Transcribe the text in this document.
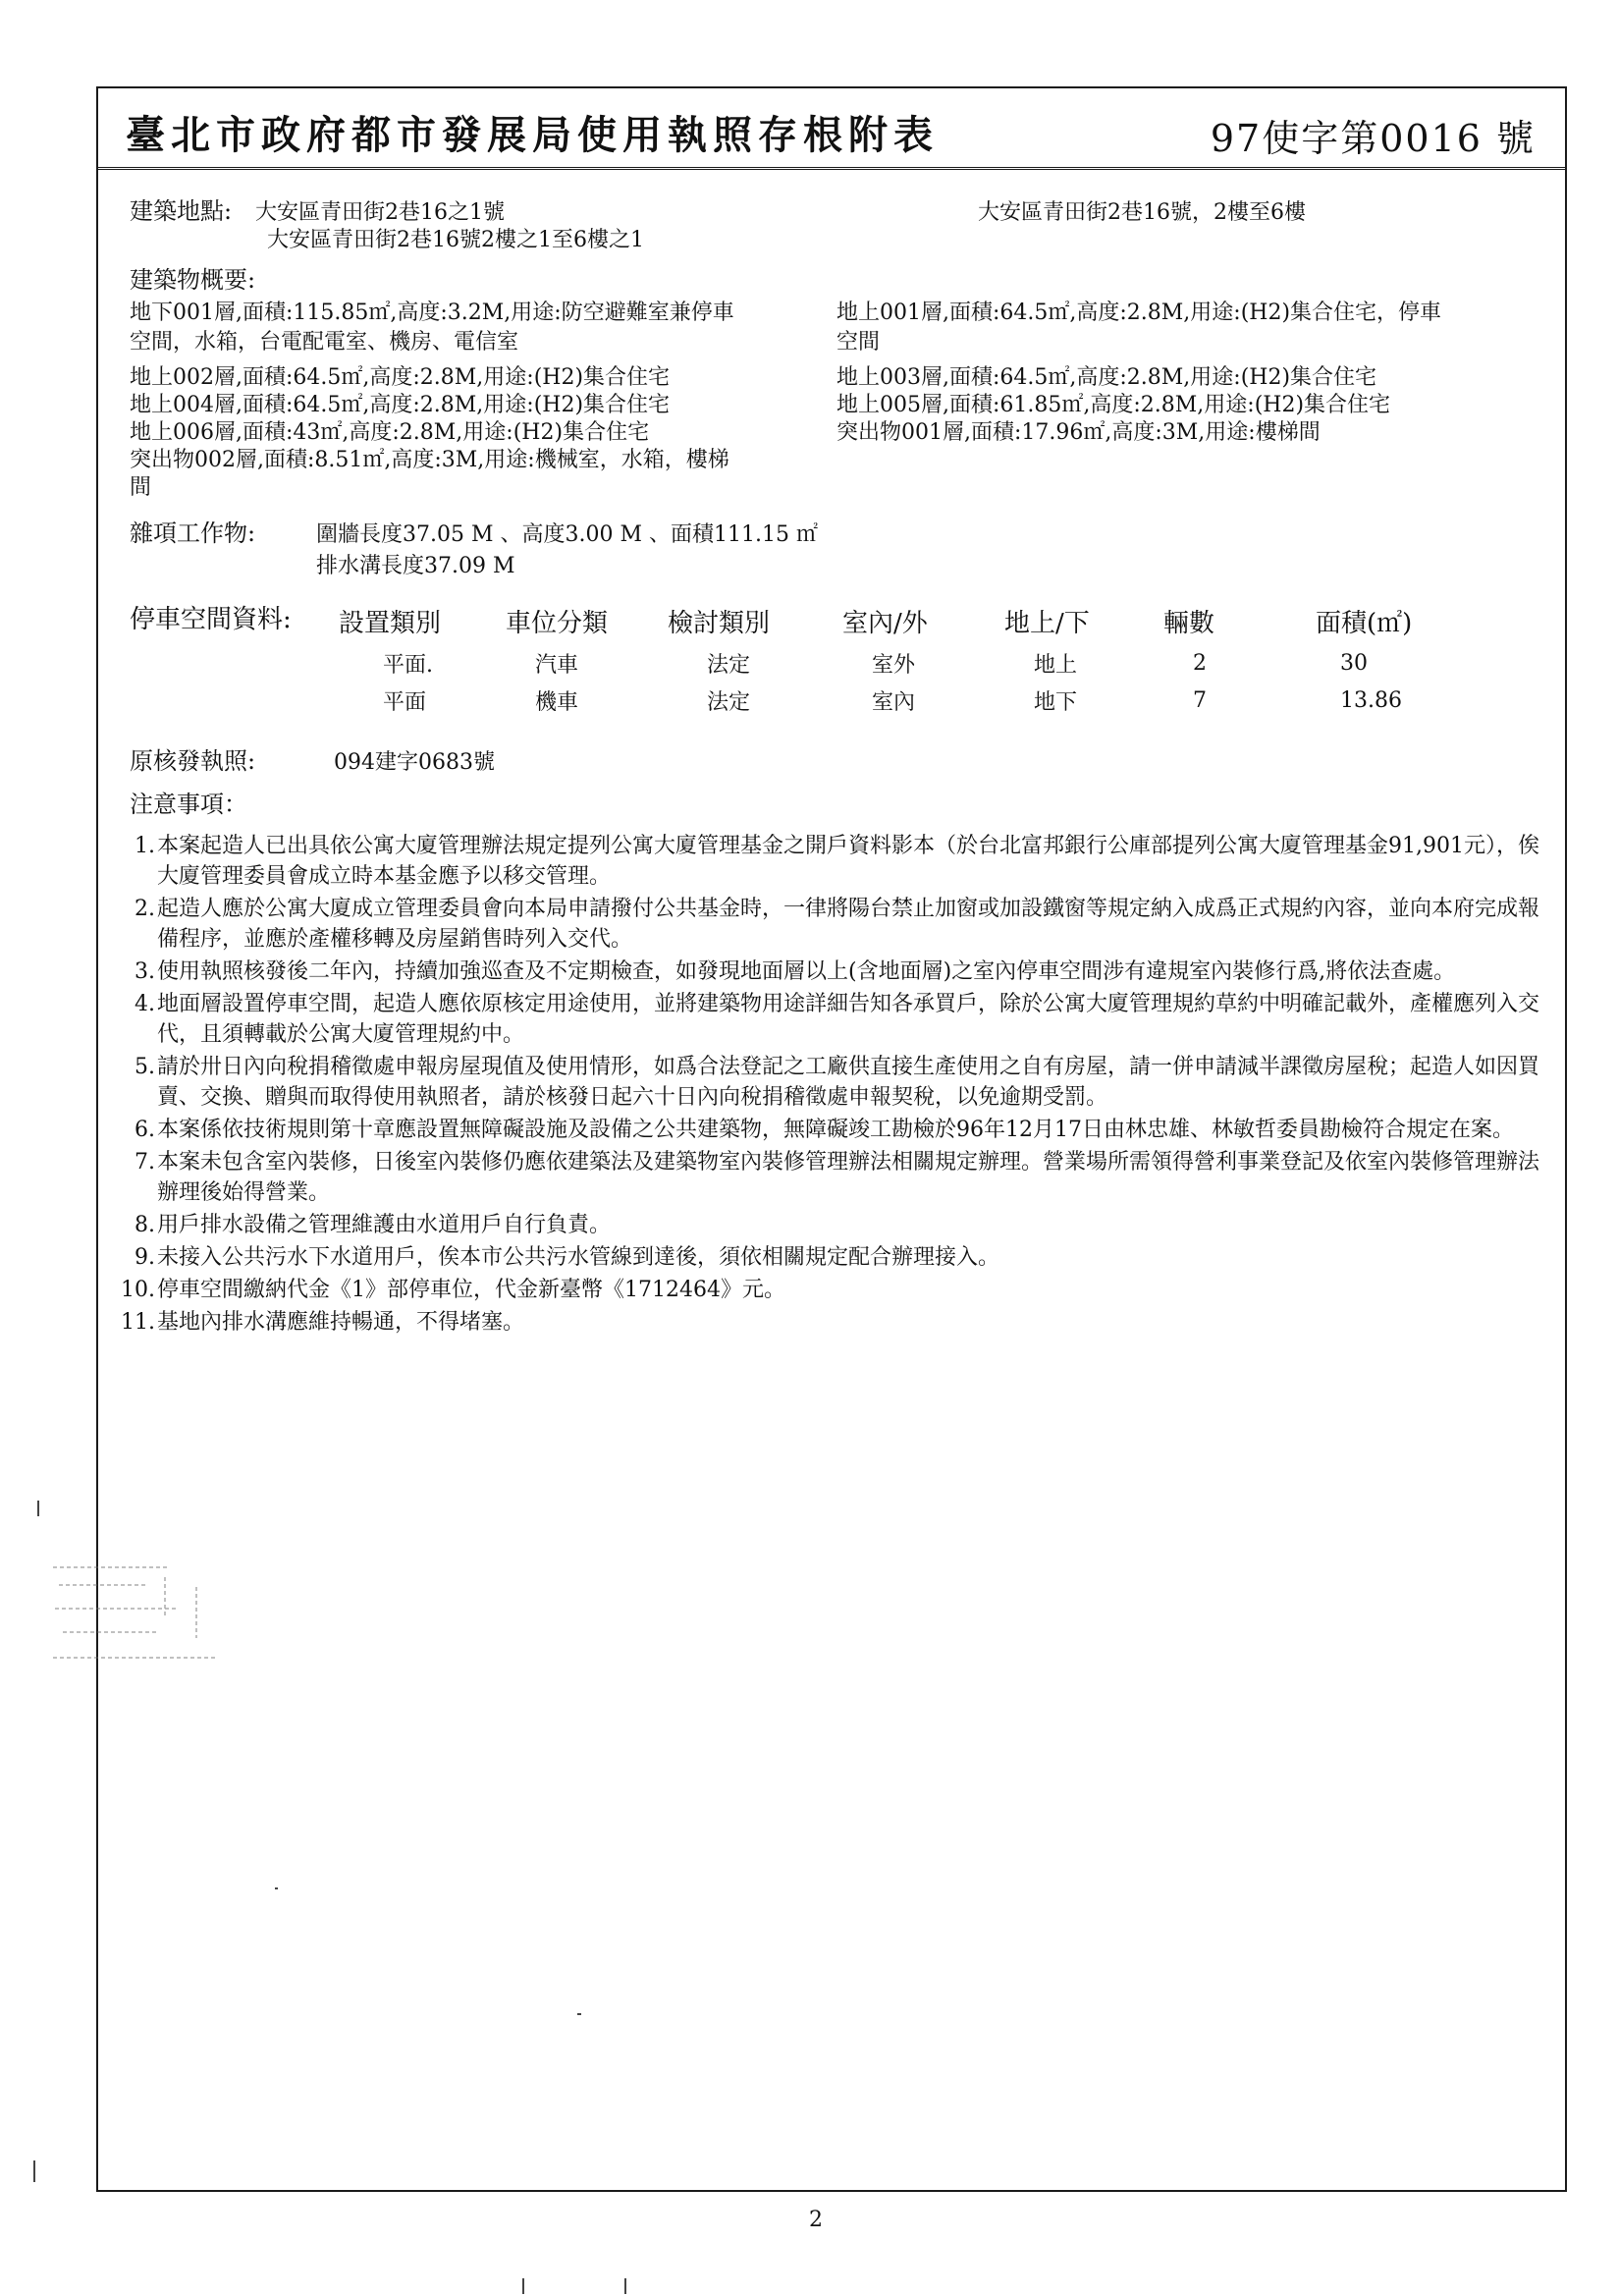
臺北市政府都市發展局使用執照存根附表	97使字第0016 號
建築地點: 大安區青田街2巷16之1號
大安區青田街2巷16號2樓之1至6樓之1
大安區青田街2巷16號，2樓至6樓
建築物概要:
地下001層,面積:115.85㎡,高度:3.2M,用途:防空避難室兼停車
空間，水箱，台電配電室、機房、電信室
地上002層,面積:64.5㎡,高度:2.8M,用途:(H2)集合住宅
地上004層,面積:64.5㎡,高度:2.8M,用途:(H2)集合住宅
地上006層,面積:43㎡,高度:2.8M,用途:(H2)集合住宅
突出物002層,面積:8.51㎡,高度:3M,用途:機械室，水箱，樓梯
間
地上001層,面積:64.5㎡,高度:2.8M,用途:(H2)集合住宅，停車
空間
地上003層,面積:64.5㎡,高度:2.8M,用途:(H2)集合住宅
地上005層,面積:61.85㎡,高度:2.8M,用途:(H2)集合住宅
突出物001層,面積:17.96㎡,高度:3M,用途:樓梯間
雜項工作物:	圍牆長度37.05 M 、高度3.00 M 、面積111.15 ㎡
排水溝長度37.09 M
停車空間資料: 設置類別	車位分類	檢討類別	室內/外	地上/下	輛數	面積(㎡)
平面.	汽車	法定	室外	地上	2	30
平面	機車	法定	室內	地下	7	13.86
原核發執照:	094建字0683號
注意事項：
1. 本案起造人已出具依公寓大廈管理辦法規定提列公寓大廈管理基金之開戶資料影本（於台北富邦銀行公庫部提列公寓大廈管理基金91,901元），俟大廈管理委員會成立時本基金應予以移交管理。
2. 起造人應於公寓大廈成立管理委員會向本局申請撥付公共基金時，一律將陽台禁止加窗或加設鐵窗等規定納入成爲正式規約內容，並向本府完成報備程序，並應於產權移轉及房屋銷售時列入交代。
3. 使用執照核發後二年內，持續加強巡查及不定期檢查，如發現地面層以上(含地面層)之室內停車空間涉有違規室內裝修行爲,將依法查處。
4. 地面層設置停車空間，起造人應依原核定用途使用，並將建築物用途詳細告知各承買戶，除於公寓大廈管理規約草約中明確記載外，產權應列入交代，且須轉載於公寓大廈管理規約中。
5. 請於卅日內向稅捐稽徵處申報房屋現值及使用情形，如爲合法登記之工廠供直接生產使用之自有房屋，請一併申請減半課徵房屋稅；起造人如因買賣、交換、贈與而取得使用執照者，請於核發日起六十日內向稅捐稽徵處申報契稅，以免逾期受罰。
6. 本案係依技術規則第十章應設置無障礙設施及設備之公共建築物，無障礙竣工勘檢於96年12月17日由林忠雄、林敏哲委員勘檢符合規定在案。
7. 本案未包含室內裝修，日後室內裝修仍應依建築法及建築物室內裝修管理辦法相關規定辦理。營業場所需領得營利事業登記及依室內裝修管理辦法辦理後始得營業。
8. 用戶排水設備之管理維護由水道用戶自行負責。
9. 未接入公共污水下水道用戶，俟本市公共污水管線到達後，須依相關規定配合辦理接入。
10. 停車空間繳納代金《1》部停車位，代金新臺幣《1712464》元。
11. 基地內排水溝應維持暢通，不得堵塞。
2
